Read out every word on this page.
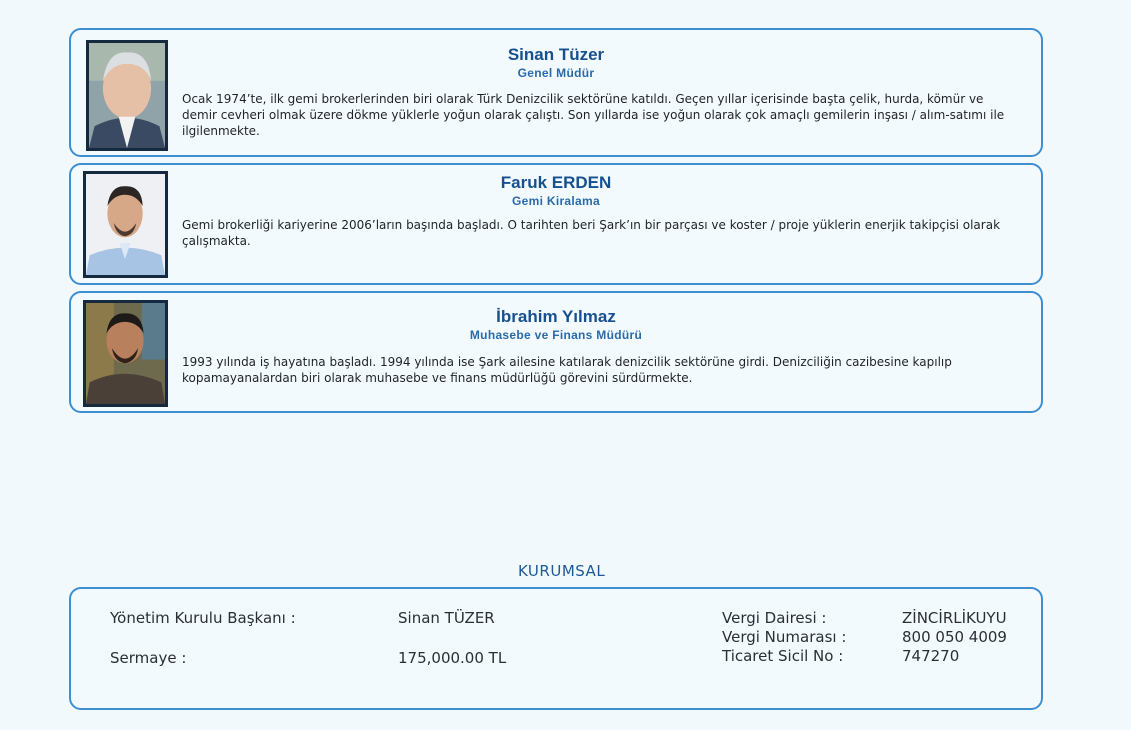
Sinan Tüzer
Genel Müdür
Ocak 1974’te, ilk gemi brokerlerinden biri olarak Türk Denizcilik sektörüne katıldı. Geçen yıllar içerisinde başta çelik, hurda, kömür ve demir cevheri olmak üzere dökme yüklerle yoğun olarak çalıştı. Son yıllarda ise yoğun olarak çok amaçlı gemilerin inşası / alım-satımı ile ilgilenmekte.
Faruk ERDEN
Gemi Kiralama
Gemi brokerliği kariyerine 2006’ların başında başladı. O tarihten beri Şark’ın bir parçası ve koster / proje yüklerin enerjik takipçisi olarak çalışmakta.
İbrahim Yılmaz
Muhasebe ve Finans Müdürü
1993 yılında iş hayatına başladı. 1994 yılında ise Şark ailesine katılarak denizcilik sektörüne girdi. Denizciliğin cazibesine kapılıp kopamayanalardan biri olarak muhasebe ve finans müdürlüğü görevini sürdürmekte.
KURUMSAL
Yönetim Kurulu Başkanı :	Sinan TÜZER
Sermaye :	175,000.00 TL
Vergi Dairesi :	ZİNCİRLİKUYU
Vergi Numarası :	800 050 4009
Ticaret Sicil No :	747270
